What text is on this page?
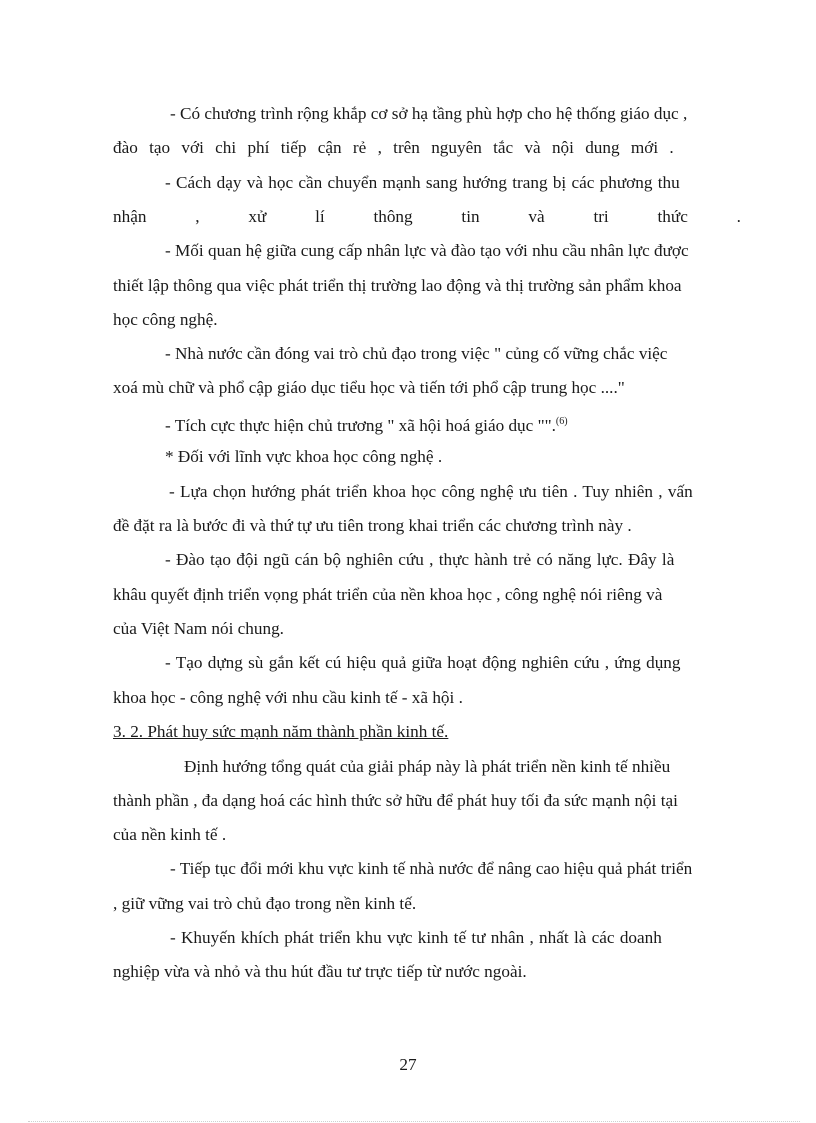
- Có chương trình rộng khắp cơ sở hạ tầng phù hợp cho hệ thống giáo dục ,
đào tạo với chi phí tiếp cận rẻ , trên nguyên tắc và nội dung mới .
- Cách dạy và học cần chuyển mạnh sang hướng trang bị các phương thu
nhận	,	xử	lí	thông	tin	và	tri	thức	.
- Mối quan hệ giữa cung cấp nhân lực và đào tạo với nhu cầu nhân lực được
thiết lập thông qua việc phát triển thị trường lao động và thị trường sản phẩm khoa
học công nghệ.
- Nhà nước cần đóng vai trò chủ đạo trong việc " củng cố vững chắc việc
xoá mù chữ và phổ cập giáo dục tiểu học và tiến tới phổ cập trung học ...."
- Tích cực thực hiện chủ trương " xã hội hoá giáo dục "".$^{(6)}$
* Đối với lĩnh vực khoa học công nghệ .
- Lựa chọn hướng phát triển khoa học công nghệ ưu tiên . Tuy nhiên , vấn
đề đặt ra là bước đi và thứ tự ưu tiên trong khai triển các chương trình này .
- Đào tạo đội ngũ cán bộ nghiên cứu , thực hành trẻ có năng lực. Đây là
khâu quyết định triển vọng phát triển của nền khoa học , công nghệ nói riêng và
của Việt Nam nói chung.
- Tạo dựng sù gắn kết cú hiệu quả giữa hoạt động nghiên cứu , ứng dụng
khoa học - công nghệ với nhu cầu kinh tế - xã hội .
3. 2. Phát huy sức mạnh năm thành phần kinh tế.
Định hướng tổng quát của giải pháp này là phát triển nền kinh tế nhiều
thành phần , đa dạng hoá các hình thức sở hữu để phát huy tối đa sức mạnh nội tại
của nền kinh tế .
- Tiếp tục đổi mới khu vực kinh tế nhà nước để nâng cao hiệu quả phát triển
, giữ vững vai trò chủ đạo trong nền kinh tế.
- Khuyến khích phát triển khu vực kinh tế tư nhân , nhất là các doanh
nghiệp vừa và nhỏ và thu hút đầu tư trực tiếp từ nước ngoài.
27
